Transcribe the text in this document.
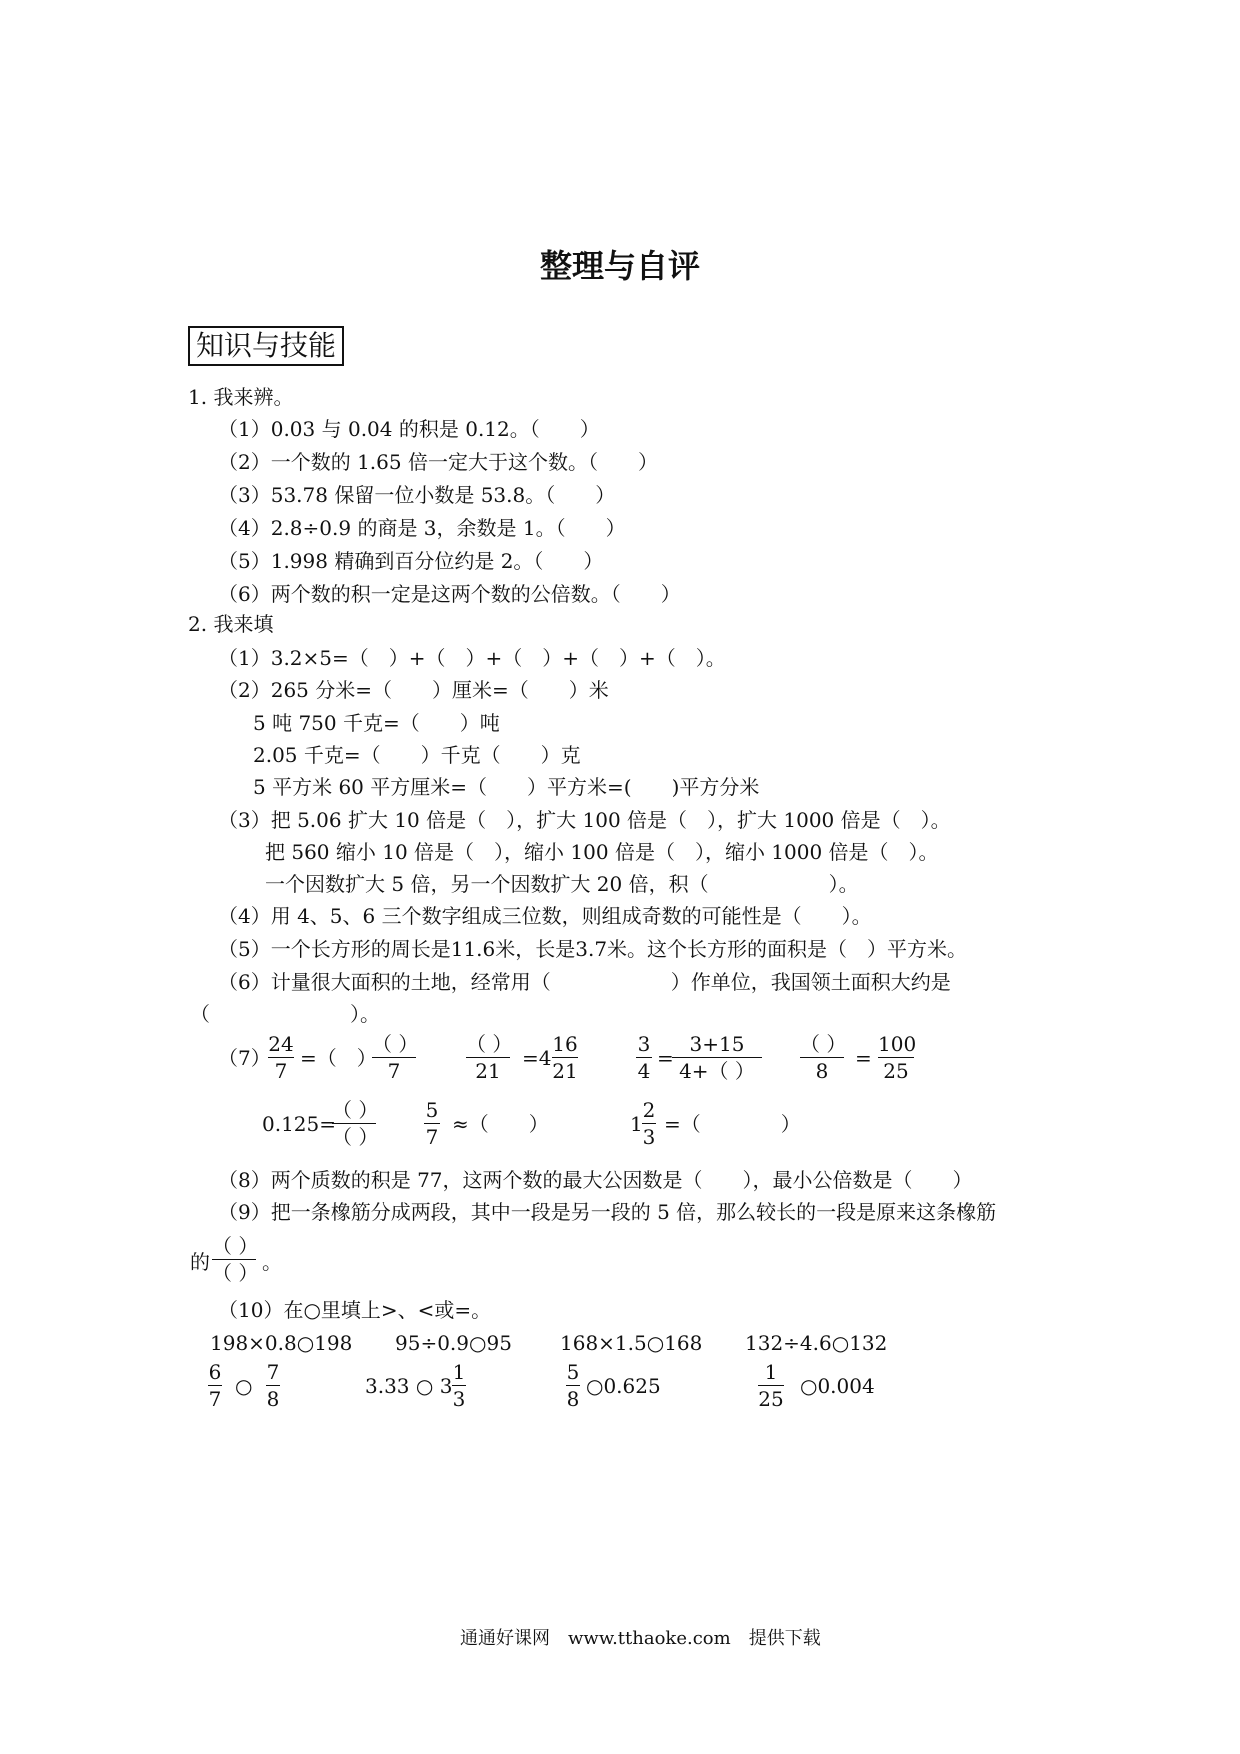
整理与自评
知识与技能
1. 我来辨。
（1）0.03 与 0.04 的积是 0.12。（　　）
（2）一个数的 1.65 倍一定大于这个数。（　　）
（3）53.78 保留一位小数是 53.8。（　　）
（4）2.8÷0.9 的商是 3，余数是 1。（　　）
（5）1.998 精确到百分位约是 2。（　　）
（6）两个数的积一定是这两个数的公倍数。（　　）
2. 我来填
（1）3.2×5=（　）+（　）+（　）+（　）+（　）。
（2）265 分米=（　　）厘米=（　　）米
5 吨 750 千克=（　　）吨
2.05 千克=（　　）千克（　　）克
5 平方米 60 平方厘米=（　　）平方米=(　　)平方分米
（3）把 5.06 扩大 10 倍是（　），扩大 100 倍是（　），扩大 1000 倍是（　）。
把 560 缩小 10 倍是（　），缩小 100 倍是（　），缩小 1000 倍是（　）。
一个因数扩大 5 倍，另一个因数扩大 20 倍，积（　　　　　　）。
（4）用 4、5、6 三个数字组成三位数，则组成奇数的可能性是（　　）。
（5）一个长方形的周长是11.6米，长是3.7米。这个长方形的面积是（　）平方米。
（6）计量很大面积的土地，经常用（　　　　　　）作单位，我国领土面积大约是
（　　　　　　　）。
（7）
$\frac{24}{7}$ =（　）
（ ）
7
（ ）
21
$=4 \frac{16}{21}$	$\frac{3}{4}$ =
$\frac{3+15}{4+( )}$ （ ）
8
= $\frac{100}{25}$
0.125=
（ ）
（ ） $\frac{5}{7}$ ≈（　　）	$1 \frac{2}{3}$ =（　　　　）
（8）两个质数的积是 77，这两个数的最大公因数是（　　），最小公倍数是（　　）
（9）把一条橡筋分成两段，其中一段是另一段的 5 倍，那么较长的一段是原来这条橡筋
的
（ ）
（ ） 。
（10）在○里填上>、<或=。
198×0.8○198 95÷0.9○95 168×1.5○168 132÷4.6○132
$\frac{6}{7}$ ○ $\frac{7}{8}$	3.33 ○ $3 \frac{1}{3}$	$\frac{5}{8}$ ○0.625	$\frac{1}{25}$ ○0.004
通通好课网　www.tthaoke.com　提供下载
